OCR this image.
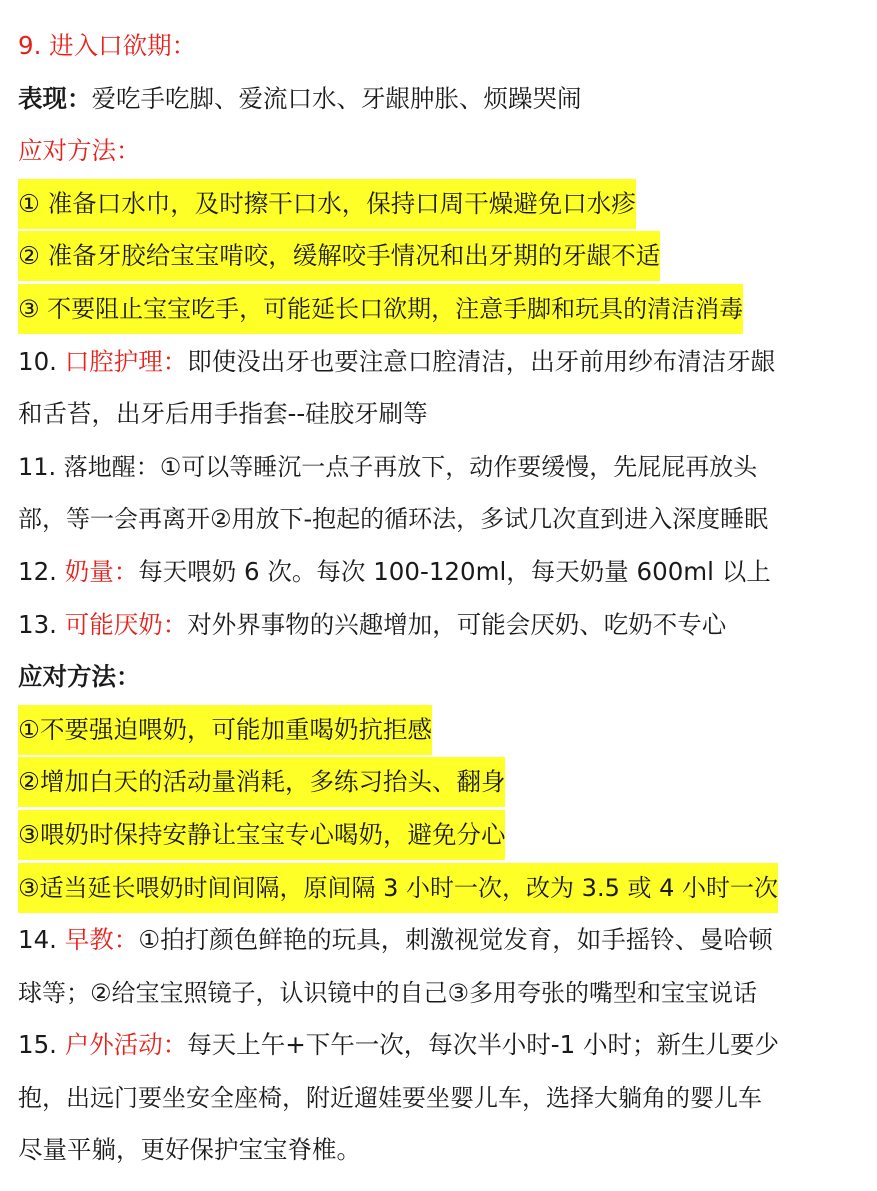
9. 进入口欲期：
表现：爱吃手吃脚、爱流口水、牙龈肿胀、烦躁哭闹
应对方法：
① 准备口水巾，及时擦干口水，保持口周干燥避免口水疹
② 准备牙胶给宝宝啃咬，缓解咬手情况和出牙期的牙龈不适
③ 不要阻止宝宝吃手，可能延长口欲期，注意手脚和玩具的清洁消毒
10. 口腔护理：即使没出牙也要注意口腔清洁，出牙前用纱布清洁牙龈
和舌苔，出牙后用手指套--硅胶牙刷等
11. 落地醒：①可以等睡沉一点子再放下，动作要缓慢，先屁屁再放头
部，等一会再离开②用放下-抱起的循环法，多试几次直到进入深度睡眠
12. 奶量：每天喂奶 6 次。每次 100-120ml，每天奶量 600ml 以上
13. 可能厌奶：对外界事物的兴趣增加，可能会厌奶、吃奶不专心
应对方法：
①不要强迫喂奶，可能加重喝奶抗拒感
②增加白天的活动量消耗，多练习抬头、翻身
③喂奶时保持安静让宝宝专心喝奶，避免分心
③适当延长喂奶时间间隔，原间隔 3 小时一次，改为 3.5 或 4 小时一次
14. 早教：①拍打颜色鲜艳的玩具，刺激视觉发育，如手摇铃、曼哈顿
球等；②给宝宝照镜子，认识镜中的自己③多用夸张的嘴型和宝宝说话
15. 户外活动：每天上午+下午一次，每次半小时-1 小时；新生儿要少
抱，出远门要坐安全座椅，附近遛娃要坐婴儿车，选择大躺角的婴儿车
尽量平躺，更好保护宝宝脊椎。
